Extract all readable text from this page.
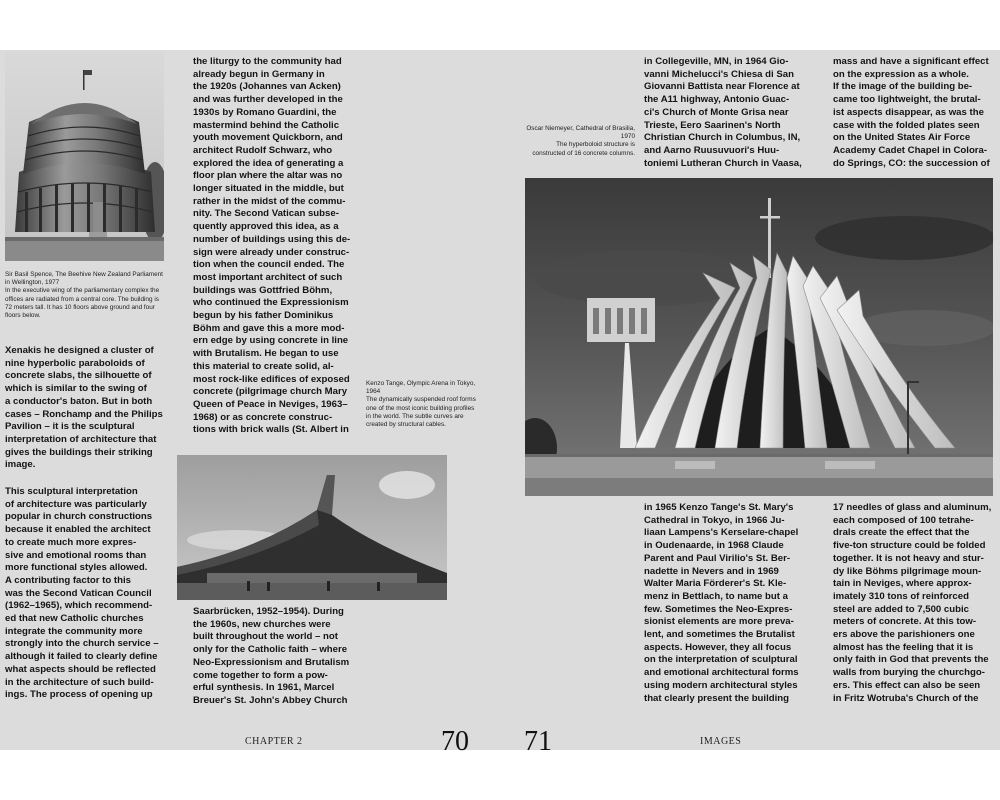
Sir Basil Spence, The Beehive New Zealand Parliament in Wellington, 1977

In the executive wing of the parliamentary complex the offices are radiated from a central core. The building is 72 meters tall. It has 10 floors above ground and four floors below.

Xenakis he designed a cluster of
nine hyperbolic paraboloids of
concrete slabs, the silhouette of
which is similar to the swing of
a conductor's baton. But in both
cases – Ronchamp and the Philips
Pavilion – it is the sculptural
interpretation of architecture that
gives the buildings their striking
image.

This sculptural interpretation
of architecture was particularly
popular in church constructions
because it enabled the architect
to create much more expres-
sive and emotional rooms than
more functional styles allowed.
A contributing factor to this
was the Second Vatican Council
(1962–1965), which recommend-
ed that new Catholic churches
integrate the community more
strongly into the church service –
although it failed to clearly define
what aspects should be reflected
in the architecture of such build-
ings. The process of opening up

the liturgy to the community had
already begun in Germany in
the 1920s (Johannes van Acken)
and was further developed in the
1930s by Romano Guardini, the
mastermind behind the Catholic
youth movement Quickborn, and
architect Rudolf Schwarz, who
explored the idea of generating a
floor plan where the altar was no
longer situated in the middle, but
rather in the midst of the commu-
nity. The Second Vatican subse-
quently approved this idea, as a
number of buildings using this de-
sign were already under construc-
tion when the council ended. The
most important architect of such
buildings was Gottfried Böhm,
who continued the Expressionism
begun by his father Dominikus
Böhm and gave this a more mod-
ern edge by using concrete in line
with Brutalism. He began to use
this material to create solid, al-
most rock-like edifices of exposed
concrete (pilgrimage church Mary
Queen of Peace in Neviges, 1963–
1968) or as concrete construc-
tions with brick walls (St. Albert in

Kenzo Tange, Olympic Arena in Tokyo, 1964

The dynamically suspended roof forms one of the most iconic building profiles in the world. The subtle curves are created by structural cables.

Saarbrücken, 1952–1954). During
the 1960s, new churches were
built throughout the world – not
only for the Catholic faith – where
Neo-Expressionism and Brutalism
come together to form a pow-
erful synthesis. In 1961, Marcel
Breuer's St. John's Abbey Church

CHAPTER 2	70

Oscar Niemeyer, Cathedral of Brasilia, 1970

The hyperboloid structure is constructed of 16 concrete columns.

in Collegeville, MN, in 1964 Gio-
vanni Michelucci's Chiesa di San
Giovanni Battista near Florence at
the A11 highway, Antonio Guac-
ci's Church of Monte Grisa near
Trieste, Eero Saarinen's North
Christian Church in Columbus, IN,
and Aarno Ruusuvuori's Huu-
toniemi Lutheran Church in Vaasa,

mass and have a significant effect
on the expression as a whole.
If the image of the building be-
came too lightweight, the brutal-
ist aspects disappear, as was the
case with the folded plates seen
on the United States Air Force
Academy Cadet Chapel in Colora-
do Springs, CO: the succession of

in 1965 Kenzo Tange's St. Mary's
Cathedral in Tokyo, in 1966 Ju-
liaan Lampens's Kerselare-chapel
in Oudenaarde, in 1968 Claude
Parent and Paul Virilio's St. Ber-
nadette in Nevers and in 1969
Walter Maria Förderer's St. Kle-
menz in Bettlach, to name but a
few. Sometimes the Neo-Expres-
sionist elements are more preva-
lent, and sometimes the Brutalist
aspects. However, they all focus
on the interpretation of sculptural
and emotional architectural forms
using modern architectural styles
that clearly present the building

17 needles of glass and aluminum,
each composed of 100 tetrahe-
drals create the effect that the
five-ton structure could be folded
together. It is not heavy and stur-
dy like Böhms pilgrimage moun-
tain in Neviges, where approx-
imately 310 tons of reinforced
steel are added to 7,500 cubic
meters of concrete. At this tow-
ers above the parishioners one
almost has the feeling that it is
only faith in God that prevents the
walls from burying the churchgo-
ers. This effect can also be seen
in Fritz Wotruba's Church of the

71	IMAGES
